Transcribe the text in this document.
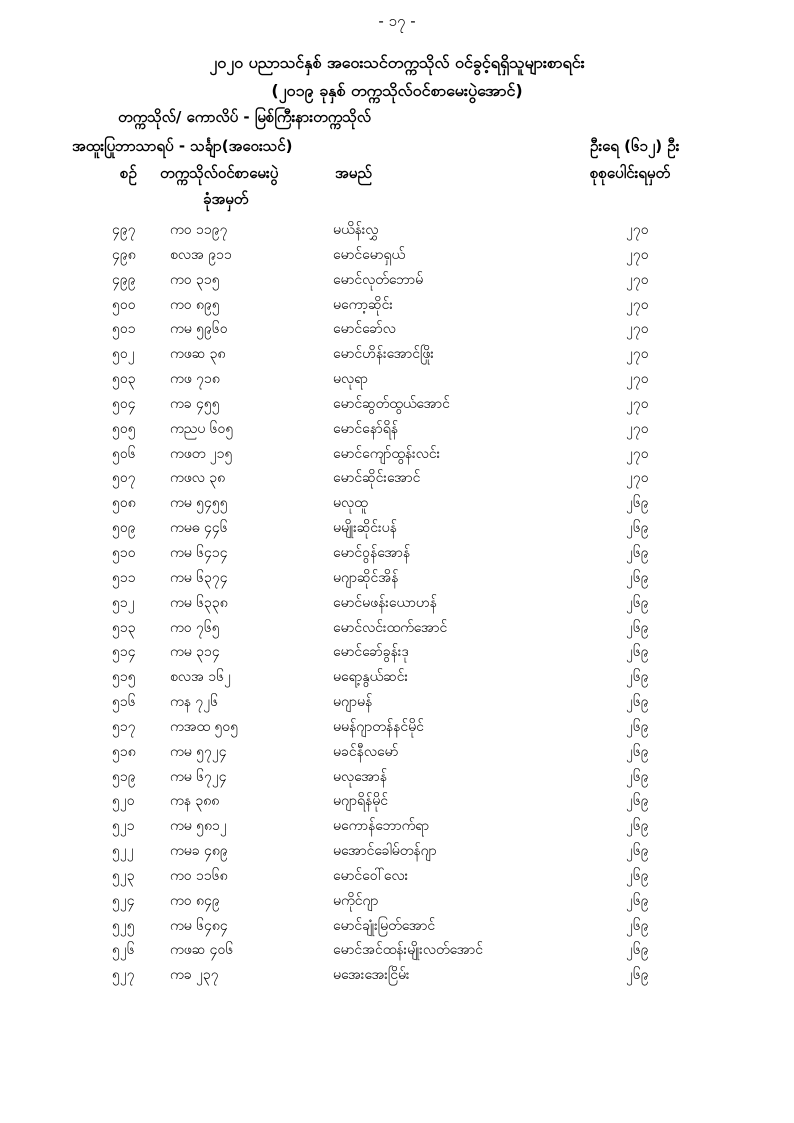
- ၁၇ -
၂၀၂၀ ပညာသင်နှစ် အဝေးသင်တက္ကသိုလ် ဝင်ခွင့်ရရှိသူများစာရင်း
(၂၀၁၉ ခုနှစ် တက္ကသိုလ်ဝင်စာမေးပွဲအောင်)
တက္ကသိုလ်/ ကောလိပ် - မြစ်ကြီးနားတက္ကသိုလ်
အထူးပြုဘာသာရပ် - သင်္ချာ(အဝေးသင်)	ဦးရေ (၆၁၂) ဦး
စဉ် တက္ကသိုလ်ဝင်စာမေးပွဲ
ခုံအမှတ်
အမည်	စုစုပေါင်းရမှတ်
၄၉၇ ကဝ ၁၁၉၇	မယိန်းလွှ	၂၇၀
၄၉၈ စလအ ၉၁၁	မောင်မောရှယ်	၂၇၀
၄၉၉ ကဝ ၃၁၅	မောင်လုတ်ဘောမ်	၂၇၀
၅၀၀ ကဝ ၈၉၅	မကော့ဆိုင်း	၂၇၀
၅၀၁ ကမ ၅၉၆၀	မောင်ခော်လ	၂၇၀
၅၀၂	ကဖဆ ၃၈	မောင်ဟိန်းအောင်ဖြိုး	၂၇၀
၅၀၃ ကဖ ၇၁၈	မလုရာ	၂၇၀
၅၀၄ ကခ ၄၅၅	မောင်ဆွတ်ထွယ်အောင်	၂၇၀
၅၀၅ ကညပ ၆၀၅	မောင်နော်ရိန်	၂၇၀
၅၀၆ ကဖတ ၂၁၅	မောင်ကျော်ထွန်းလင်း	၂၇၀
၅၀၇ ကဖလ ၃၈	မောင်ဆိုင်းအောင်	၂၇၀
၅၀၈ ကမ ၅၄၅၅	မလုထူ	၂၆၉
၅၀၉ ကမဓ ၄၄၆	မမျိုးဆိုင်းပန်	၂၆၉
၅၁၀ ကမ ၆၄၁၄	မောင်ဝွန်အောန်	၂၆၉
၅၁၁ ကမ ၆၃၇၄	မဂျာဆိုင်အိန်	၂၆၉
၅၁၂	ကမ ၆၃၃၈	မောင်မဖန်းယောဟန်	၂၆၉
၅၁၃ ကဝ ၇၆၅	မောင်လင်းထက်အောင်	၂၆၉
၅၁၄ ကမ ၃၁၄	မောင်ခော်ခွန်းဒု	၂၆၉
၅၁၅ စလအ ၁၆၂	မရော့နွယ်ဆင်း	၂၆၉
၅၁၆ ကန ၇၂၆	မဂျာမန်	၂၆၉
၅၁၇ ကအထ ၅၀၅	မမန်ဂျာတန်နင်မိုင်	၂၆၉
၅၁၈ ကမ ၅၇၂၄	မခင်နီလမော်	၂၆၉
၅၁၉ ကမ ၆၇၂၄	မလုအောန်	၂၆၉
၅၂၀	ကန ၃၈၈	မဂျာရိန်မိုင်	၂၆၉
၅၂၁	ကမ ၅၈၁၂	မကောန်ဘောက်ရာ	၂၆၉
၅၂၂	ကမခ ၄၈၉	မအောင်ခေါမ်တန်ဂျာ	၂၆၉
၅၂၃	ကဝ ၁၁၆၈	မောင်ဝေါ်လေး	၂၆၉
၅၂၄	ကဝ ၈၄၉	မကိုင်ဂျာ	၂၆၉
၅၂၅	ကမ ၆၄၈၄	မောင်ချုံးမြတ်အောင်	၂၆၉
၅၂၆	ကဖဆ ၄၀၆	မောင်အင်ထန်းမျိုးလတ်အောင်	၂၆၉
၅၂၇	ကခ ၂၃၇	မအေးအေးငြိမ်း	၂၆၉
